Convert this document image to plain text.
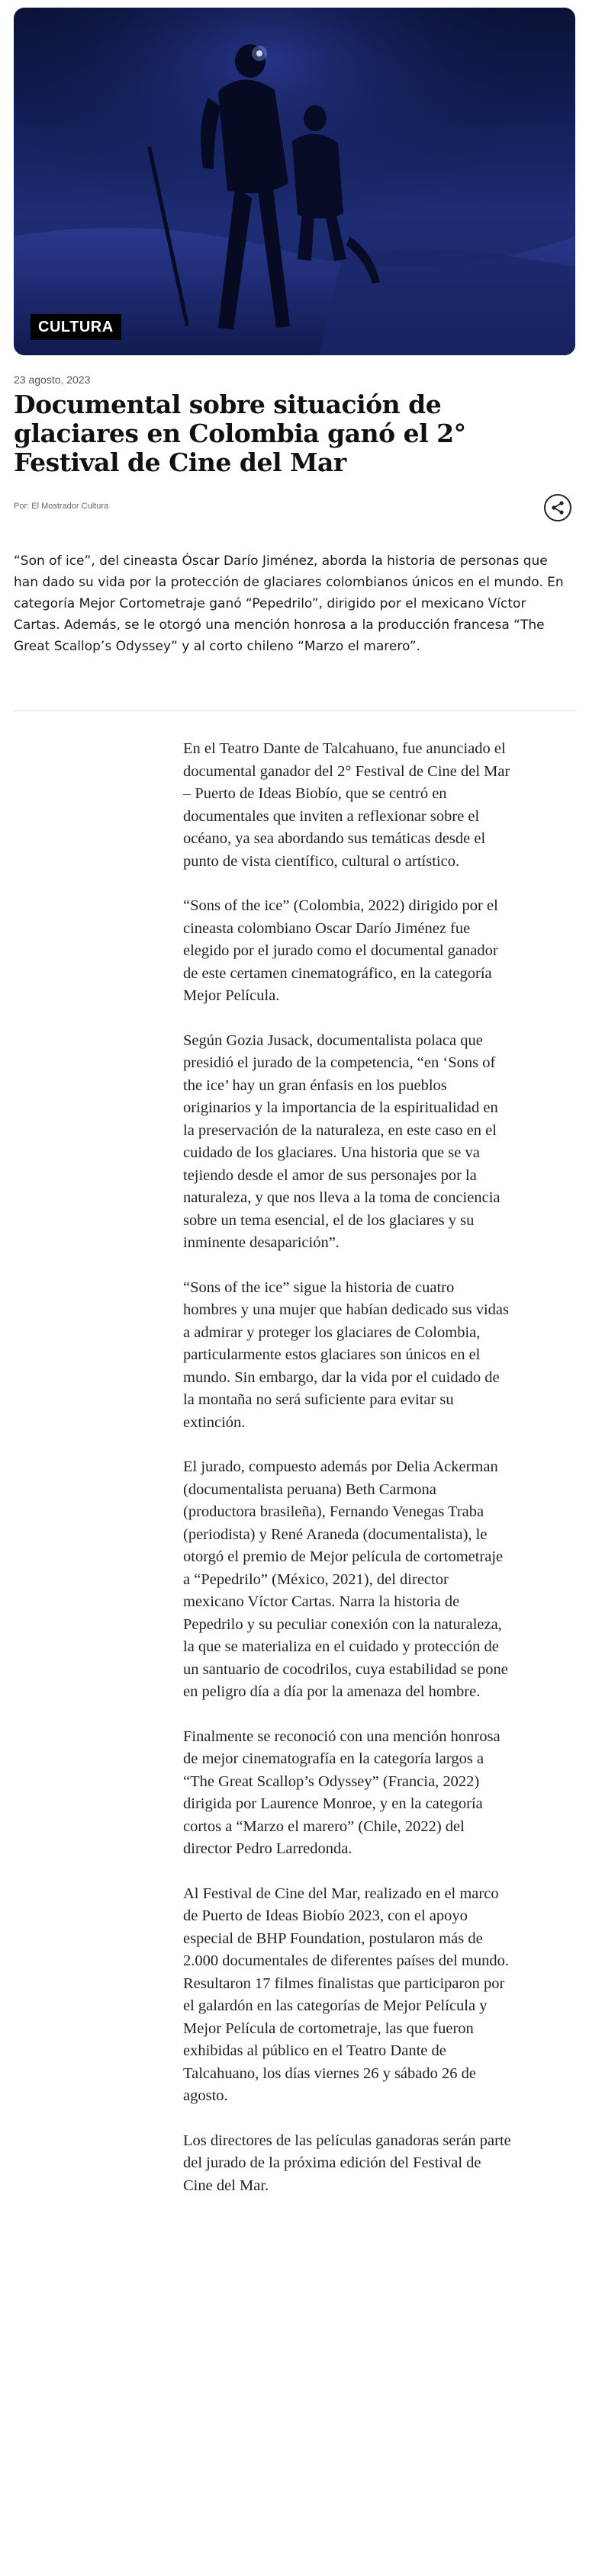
CULTURA
23 agosto, 2023
Documental sobre situación de glaciares en Colombia ganó el 2° Festival de Cine del Mar
Por: El Mostrador Cultura

“Son of ice”, del cineasta Óscar Darío Jiménez, aborda la historia de personas que han dado su vida por la protección de glaciares colombianos únicos en el mundo. En categoría Mejor Cortometraje ganó “Pepedrilo”, dirigido por el mexicano Víctor Cartas. Además, se le otorgó una mención honrosa a la producción francesa “The Great Scallop’s Odyssey” y al corto chileno “Marzo el marero”.

En el Teatro Dante de Talcahuano, fue anunciado el documental ganador del 2° Festival de Cine del Mar – Puerto de Ideas Biobío, que se centró en documentales que inviten a reflexionar sobre el océano, ya sea abordando sus temáticas desde el punto de vista científico, cultural o artístico.

“Sons of the ice” (Colombia, 2022) dirigido por el cineasta colombiano Oscar Darío Jiménez fue elegido por el jurado como el documental ganador de este certamen cinematográfico, en la categoría Mejor Película.

Según Gozia Jusack, documentalista polaca que presidió el jurado de la competencia, “en ‘Sons of the ice’ hay un gran énfasis en los pueblos originarios y la importancia de la espiritualidad en la preservación de la naturaleza, en este caso en el cuidado de los glaciares. Una historia que se va tejiendo desde el amor de sus personajes por la naturaleza, y que nos lleva a la toma de conciencia sobre un tema esencial, el de los glaciares y su inminente desaparición”.

“Sons of the ice” sigue la historia de cuatro hombres y una mujer que habían dedicado sus vidas a admirar y proteger los glaciares de Colombia, particularmente estos glaciares son únicos en el mundo. Sin embargo, dar la vida por el cuidado de la montaña no será suficiente para evitar su extinción.

El jurado, compuesto además por Delia Ackerman (documentalista peruana) Beth Carmona (productora brasileña), Fernando Venegas Traba (periodista) y René Araneda (documentalista), le otorgó el premio de Mejor película de cortometraje a “Pepedrilo” (México, 2021), del director mexicano Víctor Cartas. Narra la historia de Pepedrilo y su peculiar conexión con la naturaleza, la que se materializa en el cuidado y protección de un santuario de cocodrilos, cuya estabilidad se pone en peligro día a día por la amenaza del hombre.

Finalmente se reconoció con una mención honrosa de mejor cinematografía en la categoría largos a “The Great Scallop’s Odyssey” (Francia, 2022) dirigida por Laurence Monroe, y en la categoría cortos a “Marzo el marero” (Chile, 2022) del director Pedro Larredonda.

Al Festival de Cine del Mar, realizado en el marco de Puerto de Ideas Biobío 2023, con el apoyo especial de BHP Foundation, postularon más de 2.000 documentales de diferentes países del mundo. Resultaron 17 filmes finalistas que participaron por el galardón en las categorías de Mejor Película y Mejor Película de cortometraje, las que fueron exhibidas al público en el Teatro Dante de Talcahuano, los días viernes 26 y sábado 26 de agosto.

Los directores de las películas ganadoras serán parte del jurado de la próxima edición del Festival de Cine del Mar.
